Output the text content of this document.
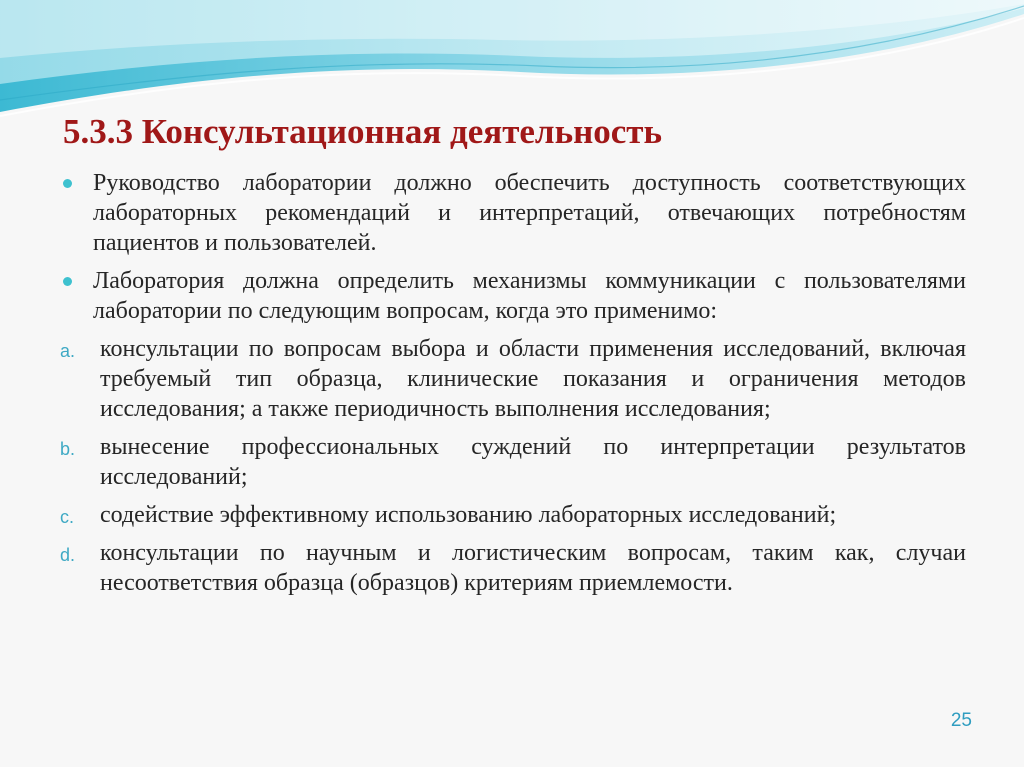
5.3.3 Консультационная деятельность
Руководство лаборатории должно обеспечить доступность соответствующих лабораторных рекомендаций и интерпретаций, отвечающих потребностям пациентов и пользователей.
Лаборатория должна определить механизмы коммуникации с пользователями лаборатории по следующим вопросам, когда это применимо:
a. консультации по вопросам выбора и области применения исследований, включая требуемый тип образца, клинические показания и ограничения методов исследования; а также периодичность выполнения исследования;
b. вынесение профессиональных суждений по интерпретации результатов исследований;
c. содействие эффективному использованию лабораторных исследований;
d. консультации по научным и логистическим вопросам, таким как, случаи несоответствия образца (образцов) критериям приемлемости.
25
